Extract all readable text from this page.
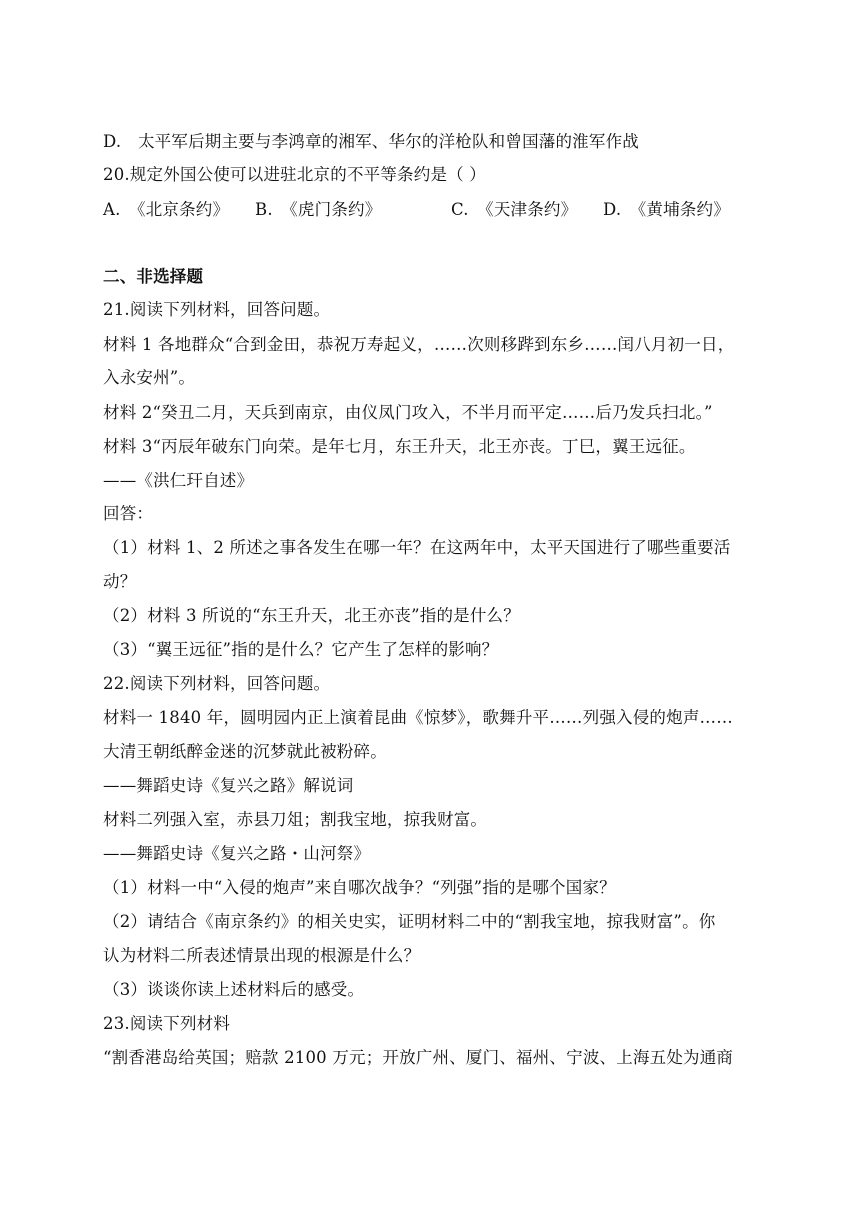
D.　太平军后期主要与李鸿章的湘军、华尔的洋枪队和曾国藩的淮军作战
20.规定外国公使可以进驻北京的不平等条约是（ ）
A.　《北京条约》	B.　《虎门条约》	C.　《天津条约》	D.　《黄埔条约》
二、非选择题
21.阅读下列材料，回答问题。
材料 1 各地群众“合到金田，恭祝万寿起义，……次则移跸到东乡……闰八月初一日，
入永安州”。
材料 2“癸丑二月，天兵到南京，由仪凤门攻入，不半月而平定……后乃发兵扫北。”
材料 3“丙辰年破东门向荣。是年七月，东王升天，北王亦丧。丁巳，翼王远征。
——《洪仁玕自述》
回答：
（1）材料 1、2 所述之事各发生在哪一年？在这两年中，太平天国进行了哪些重要活
动？
（2）材料 3 所说的“东王升天，北王亦丧”指的是什么？
（3）“翼王远征”指的是什么？它产生了怎样的影响？
22.阅读下列材料，回答问题。
材料一 1840 年，圆明园内正上演着昆曲《惊梦》，歌舞升平……列强入侵的炮声……
大清王朝纸醉金迷的沉梦就此被粉碎。
——舞蹈史诗《复兴之路》解说词
材料二列强入室，赤县刀俎；割我宝地，掠我财富。
——舞蹈史诗《复兴之路・山河祭》
（1）材料一中“入侵的炮声”来自哪次战争？“列强”指的是哪个国家？
（2）请结合《南京条约》的相关史实，证明材料二中的“割我宝地，掠我财富”。你
认为材料二所表述情景出现的根源是什么？
（3）谈谈你读上述材料后的感受。
23.阅读下列材料
“割香港岛给英国；赔款 2100 万元；开放广州、厦门、福州、宁波、上海五处为通商
